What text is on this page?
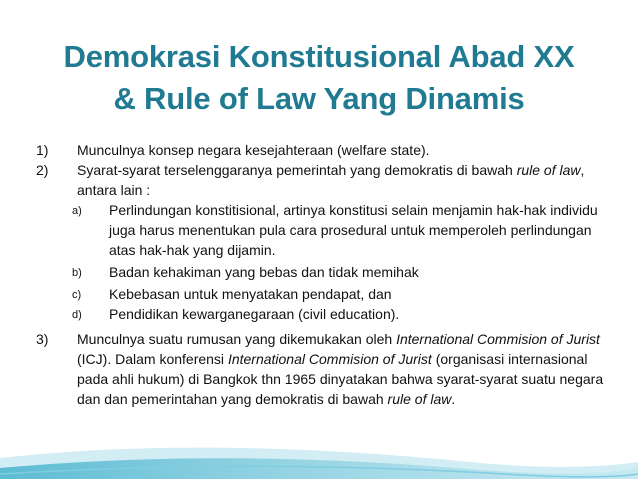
Demokrasi Konstitusional Abad XX
& Rule of Law Yang Dinamis
1) Munculnya konsep negara kesejahteraan (welfare state).
2) Syarat-syarat terselenggaranya pemerintah yang demokratis di bawah rule of law, antara lain :
a) Perlindungan konstitisional, artinya konstitusi selain menjamin hak-hak individu juga harus menentukan pula cara prosedural untuk memperoleh perlindungan atas hak-hak yang dijamin.
b) Badan kehakiman yang bebas dan tidak memihak
c) Kebebasan untuk menyatakan pendapat, dan
d) Pendidikan kewarganegaraan (civil education).
3) Munculnya suatu rumusan yang dikemukakan oleh International Commision of Jurist (ICJ). Dalam konferensi International Commision of Jurist (organisasi internasional pada ahli hukum) di Bangkok thn 1965 dinyatakan bahwa syarat-syarat suatu negara dan dan pemerintahan yang demokratis di bawah rule of law.
